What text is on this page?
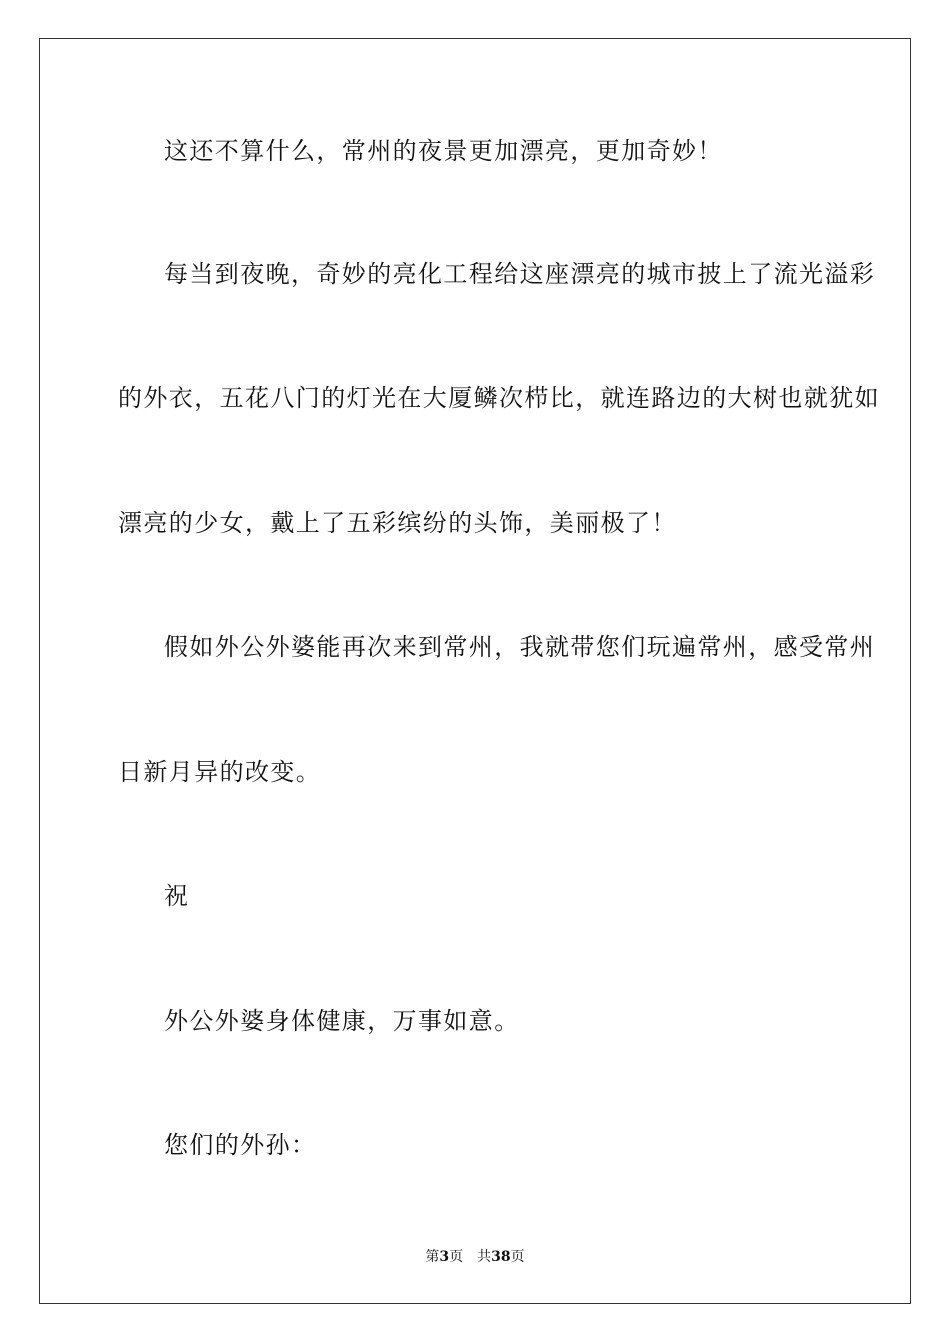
这还不算什么，常州的夜景更加漂亮，更加奇妙！
每当到夜晚，奇妙的亮化工程给这座漂亮的城市披上了流光溢彩
的外衣，五花八门的灯光在大厦鳞次栉比，就连路边的大树也就犹如
漂亮的少女，戴上了五彩缤纷的头饰，美丽极了！
假如外公外婆能再次来到常州，我就带您们玩遍常州，感受常州
日新月异的改变。
祝
外公外婆身体健康，万事如意。
您们的外孙：
第3页 共38页
